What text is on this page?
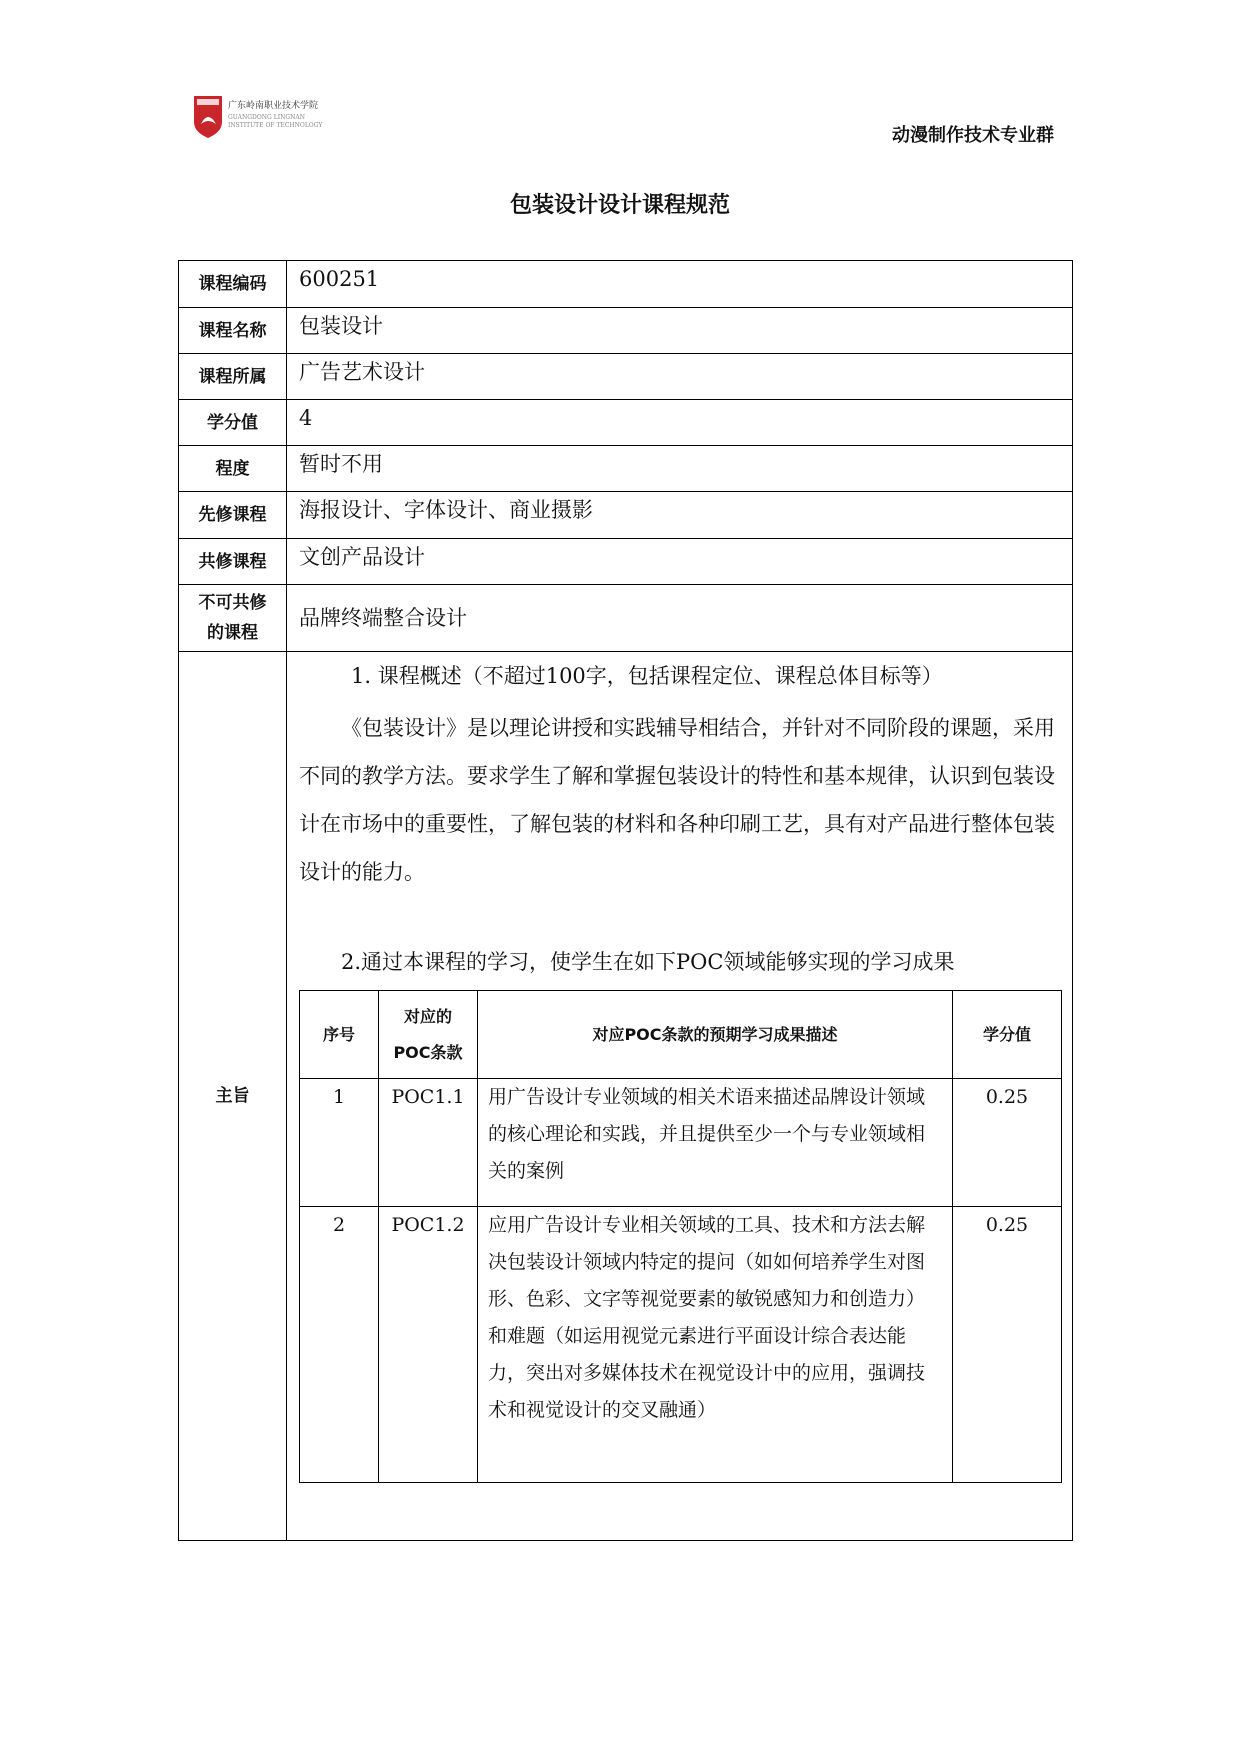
广东岭南职业技术学院
GUANGDONG LINGNAN
INSTITUTE OF TECHNOLOGY	动漫制作技术专业群
包装设计设计课程规范
课程编码	600251

课程名称	包装设计

课程所属	广告艺术设计

学分值	4

程度	暂时不用

先修课程	海报设计、字体设计、商业摄影

共修课程	文创产品设计

不可共修的课程	品牌终端整合设计
主旨	

1. 课程概述（不超过100字，包括课程定位、课程总体目标等）

《包装设计》是以理论讲授和实践辅导相结合，并针对不同阶段的课题，采用不同的教学方法。要求学生了解和掌握包装设计的特性和基本规律，认识到包装设计在市场中的重要性，了解包装的材料和各种印刷工艺，具有对产品进行整体包装设计的能力。

2.通过本课程的学习，使学生在如下POC领域能够实现的学习成果

序号	对应的POC条款	对应POC条款的预期学习成果描述	学分值
1	POC1.1	用广告设计专业领域的相关术语来描述品牌设计领域的核心理论和实践，并且提供至少一个与专业领域相关的案例	0.25
2	POC1.2	应用广告设计专业相关领域的工具、技术和方法去解决包装设计领域内特定的提问（如如何培养学生对图形、色彩、文字等视觉要素的敏锐感知力和创造力）和难题（如运用视觉元素进行平面设计综合表达能力，突出对多媒体技术在视觉设计中的应用，强调技术和视觉设计的交叉融通）	0.25
